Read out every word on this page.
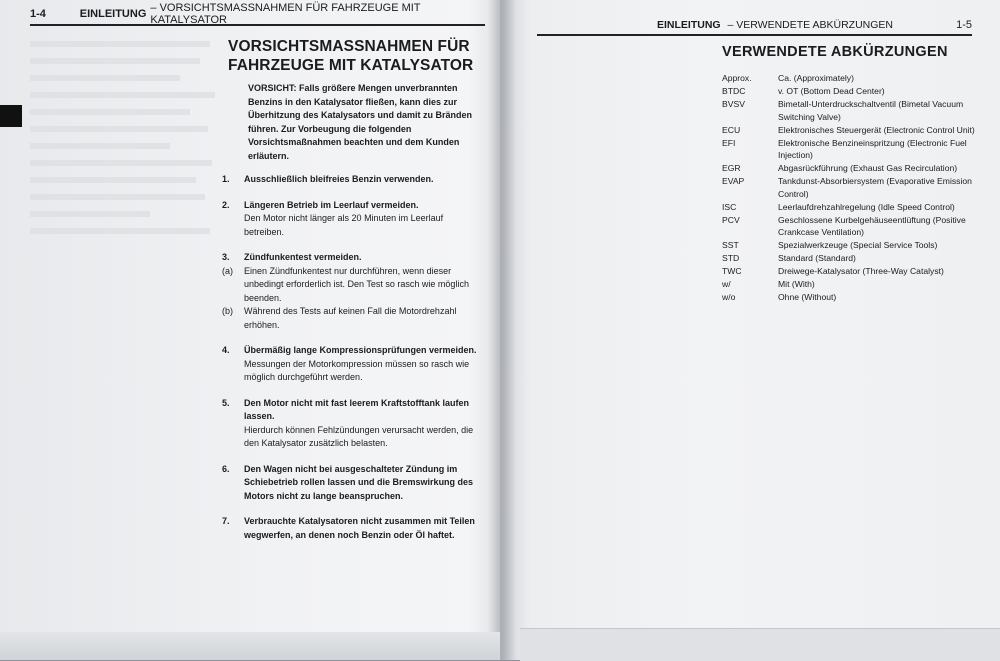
1-4	EINLEITUNG – VORSICHTSMASSNAHMEN FÜR FAHRZEUGE MIT KATALYSATOR	EINLEITUNG – VERWENDETE ABKÜRZUNGEN	1-5
VORSICHTSMASSNAHMEN FÜR
FAHRZEUGE MIT KATALYSATOR
VORSICHT: Falls größere Mengen unverbrannten Benzins in den Katalysator fließen, kann dies zur Überhitzung des Katalysators und damit zu Bränden führen. Zur Vorbeugung die folgenden Vorsichtsmaßnahmen beachten und dem Kunden erläutern.
1.	Ausschließlich bleifreies Benzin verwenden.
2.	Längeren Betrieb im Leerlauf vermeiden.
Den Motor nicht länger als 20 Minuten im Leerlauf betreiben.
3.	Zündfunkentest vermeiden.
(a)	Einen Zündfunkentest nur durchführen, wenn dieser unbedingt erforderlich ist. Den Test so rasch wie möglich beenden.
(b)	Während des Tests auf keinen Fall die Motordrehzahl erhöhen.
4.	Übermäßig lange Kompressionsprüfungen vermeiden.
Messungen der Motorkompression müssen so rasch wie möglich durchgeführt werden.
5.	Den Motor nicht mit fast leerem Kraftstofftank laufen lassen.
Hierdurch können Fehlzündungen verursacht werden, die den Katalysator zusätzlich belasten.
6.	Den Wagen nicht bei ausgeschalteter Zündung im Schiebetrieb rollen lassen und die Bremswirkung des Motors nicht zu lange beanspruchen.
7.	Verbrauchte Katalysatoren nicht zusammen mit Teilen wegwerfen, an denen noch Benzin oder Öl haftet.
VERWENDETE ABKÜRZUNGEN
Approx.	Ca. (Approximately)
BTDC	v. OT (Bottom Dead Center)
BVSV	Bimetall-Unterdruckschaltventil (Bimetal Vacuum Switching Valve)
ECU	Elektronisches Steuergerät (Electronic Control Unit)
EFI	Elektronische Benzineinspritzung (Electronic Fuel Injection)
EGR	Abgasrückführung (Exhaust Gas Recirculation)
EVAP	Tankdunst-Absorbiersystem (Evaporative Emission Control)
ISC	Leerlaufdrehzahlregelung (Idle Speed Control)
PCV	Geschlossene Kurbelgehäuseentlüftung (Positive Crankcase Ventilation)
SST	Spezialwerkzeuge (Special Service Tools)
STD	Standard (Standard)
TWC	Dreiwege-Katalysator (Three-Way Catalyst)
w/	Mit (With)
w/o	Ohne (Without)
